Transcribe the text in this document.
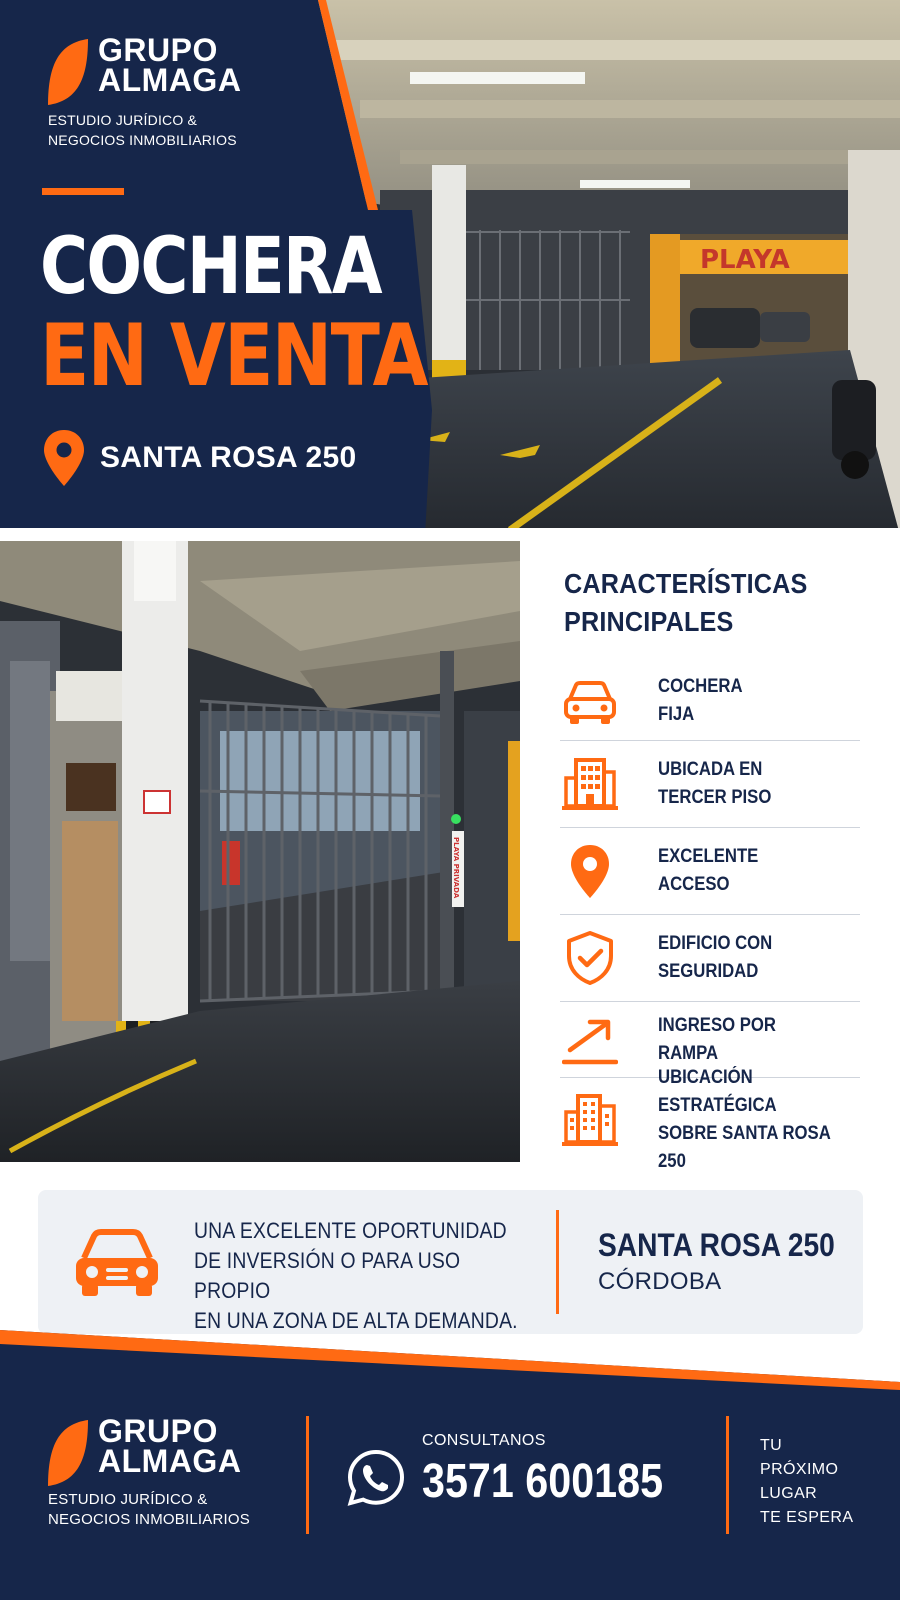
PLAYA
GRUPO
ALMAGA
ESTUDIO JURÍDICO &
NEGOCIOS INMOBILIARIOS
COCHERA
EN VENTA
SANTA ROSA 250
PLAYA PRIVADA
CARACTERÍSTICAS
PRINCIPALES
COCHERA
FIJA
UBICADA EN
TERCER PISO
EXCELENTE
ACCESO
EDIFICIO CON
SEGURIDAD
INGRESO POR RAMPA
UBICACIÓN ESTRATÉGICA
SOBRE SANTA ROSA 250
UNA EXCELENTE OPORTUNIDAD
DE INVERSIÓN O PARA USO PROPIO
EN UNA ZONA DE ALTA DEMANDA.
SANTA ROSA 250
CÓRDOBA
GRUPO
ALMAGA
ESTUDIO JURÍDICO &
NEGOCIOS INMOBILIARIOS
CONSULTANOS
3571 600185
TU
PRÓXIMO
LUGAR
TE ESPERA
